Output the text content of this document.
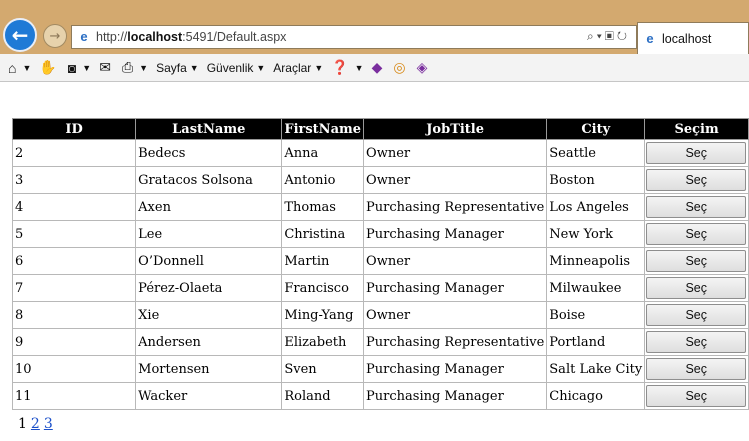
← → e http:// localhost :5491/Default.aspx	⌕▾▣↻ e localhost
⌂ ▼ ✋ ◙ ▼ ✉ ⎙ ▼ Sayfa ▼ Güvenlik ▼ Araçlar ▼ ❓ ▼ ◆ ◎ ◈
ID	LastName	FirstName	JobTitle	City	Seçim
2	Bedecs	Anna	Owner	Seattle	Seç
3	Gratacos Solsona	Antonio	Owner	Boston	Seç
4	Axen	Thomas	Purchasing Representative	Los Angeles	Seç
5	Lee	Christina	Purchasing Manager	New York	Seç
6	O’Donnell	Martin	Owner	Minneapolis	Seç
7	Pérez-Olaeta	Francisco	Purchasing Manager	Milwaukee	Seç
8	Xie	Ming-Yang	Owner	Boise	Seç
9	Andersen	Elizabeth	Purchasing Representative	Portland	Seç
10	Mortensen	Sven	Purchasing Manager	Salt Lake City	Seç
11	Wacker	Roland	Purchasing Manager	Chicago	Seç
1 2 3
